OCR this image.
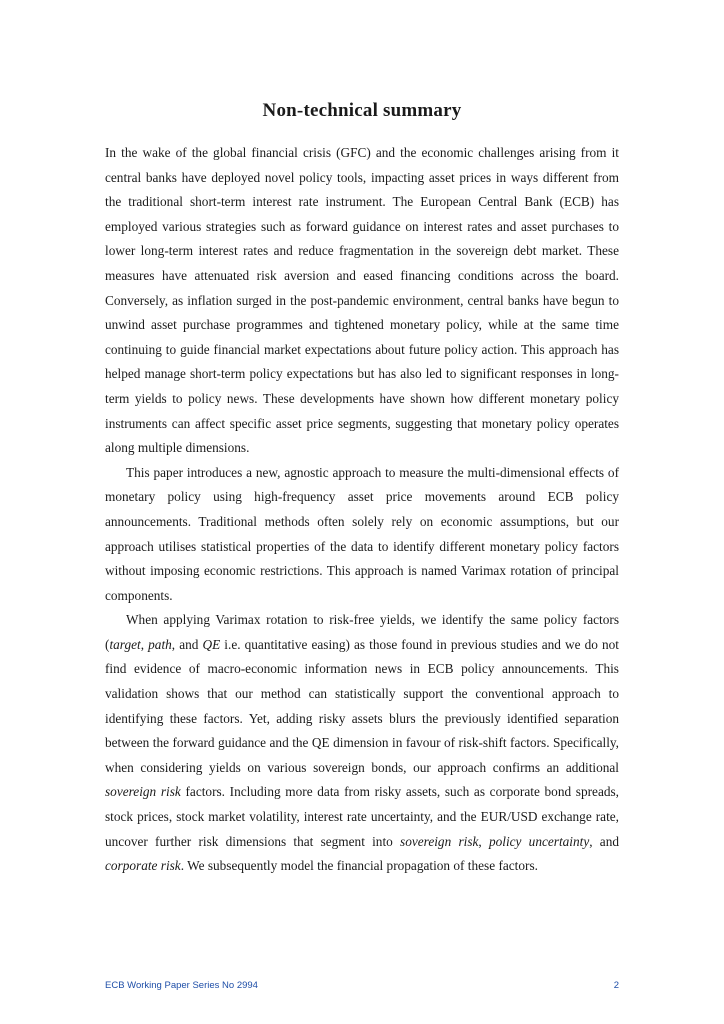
Non-technical summary

In the wake of the global financial crisis (GFC) and the economic challenges arising from it central banks have deployed novel policy tools, impacting asset prices in ways different from the traditional short-term interest rate instrument. The European Central Bank (ECB) has employed various strategies such as forward guidance on interest rates and asset purchases to lower long-term interest rates and reduce fragmentation in the sovereign debt market. These measures have attenuated risk aversion and eased financing conditions across the board. Conversely, as inflation surged in the post-pandemic environment, central banks have begun to unwind asset purchase programmes and tightened monetary policy, while at the same time continuing to guide financial market expectations about future policy action. This approach has helped manage short-term policy expectations but has also led to significant responses in long-term yields to policy news. These developments have shown how different monetary policy instruments can affect specific asset price segments, suggesting that monetary policy operates along multiple dimensions.

This paper introduces a new, agnostic approach to measure the multi-dimensional effects of monetary policy using high-frequency asset price movements around ECB policy announcements. Traditional methods often solely rely on economic assumptions, but our approach utilises statistical properties of the data to identify different monetary policy factors without imposing economic restrictions. This approach is named Varimax rotation of principal components.

When applying Varimax rotation to risk-free yields, we identify the same policy factors (target, path, and QE i.e. quantitative easing) as those found in previous studies and we do not find evidence of macro-economic information news in ECB policy announcements. This validation shows that our method can statistically support the conventional approach to identifying these factors. Yet, adding risky assets blurs the previously identified separation between the forward guidance and the QE dimension in favour of risk-shift factors. Specifically, when considering yields on various sovereign bonds, our approach confirms an additional sovereign risk factors. Including more data from risky assets, such as corporate bond spreads, stock prices, stock market volatility, interest rate uncertainty, and the EUR/USD exchange rate, uncover further risk dimensions that segment into sovereign risk, policy uncertainty, and corporate risk. We subsequently model the financial propagation of these factors.

ECB Working Paper Series No 2994	2
